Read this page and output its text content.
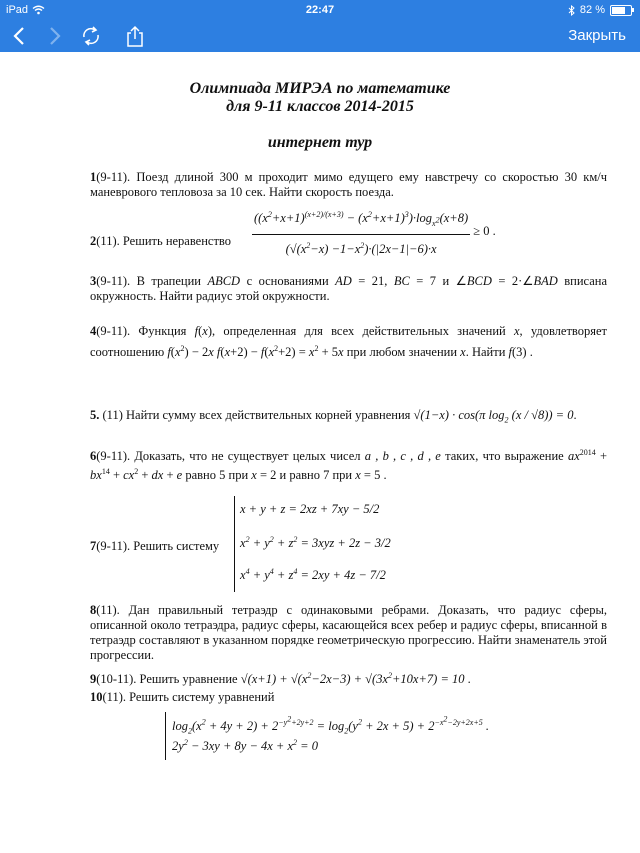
iPad	22:47	82 %
Закрыть
Олимпиада МИРЭА по математике
для 9-11 классов 2014-2015
интернет тур
1(9-11). Поезд длиной 300 м проходит мимо едущего ему навстречу со скоростью 30 км/ч маневрового тепловоза за 10 сек. Найти скорость поезда.
2(11). Решить неравенство $\frac{((x^2+x+1)^{(x+2)/(x+3)} - (x^2+x+1)^3)\cdot\log_{x^2}(x+8)}{(√(x^2-x) -1-x^2)\cdot(|2x-1|-6)\cdot x} \ge 0$ .
3(9-11). В трапеции ABCD с основаниями AD = 21, BC = 7 и ∠BCD = 2·∠BAD вписана окружность. Найти радиус этой окружности.
4(9-11). Функция f(x), определенная для всех действительных значений x, удовлетворяет соотношению $f(x^2) - 2x$ $f(x+2) - f(x^2+2) = x^2 + 5x$ при любом значении x. Найти f(3) .
5. (11) Найти сумму всех действительных корней уравнения √(1−x) · cos(π $\log_2 (x / √8)) = 0$.
6(9-11). Доказать, что не существует целых чисел a , b , c , d , e таких, что выражение $ax^{2014} + bx^{14} + cx^2$ + dx + e равно 5 при x = 2 и равно 7 при x = 5 .
7(9-11). Решить систему
x + y + z = 2xz + 7xy − 5/2
$x^2 + y^2 + z^2 = 3xyz + 2z - 3/2$
$x^4 + y^4 + z^4 = 2xy + 4z - 7/2$
8(11). Дан правильный тетраэдр с одинаковыми ребрами. Доказать, что радиус сферы, описанной около тетраэдра, радиус сферы, касающейся всех ребер и радиус сферы, вписанной в тетраэдр составляют в указанном порядке геометрическую прогрессию. Найти знаменатель этой прогрессии.
9(10-11). Решить уравнение $√(x+1) + √(x^2-2x-3) + √(3x^2+10x+7) = 10$ .
10(11). Решить систему уравнений
$\log_2(x^2 + 4y + 2) + 2^{-y^2+2y+2} = \log_2(y^2 + 2x + 5) + 2^{-x^2-2y+2x+5}$ .
$2y^2 - 3xy + 8y - 4x + x^2 = 0$
